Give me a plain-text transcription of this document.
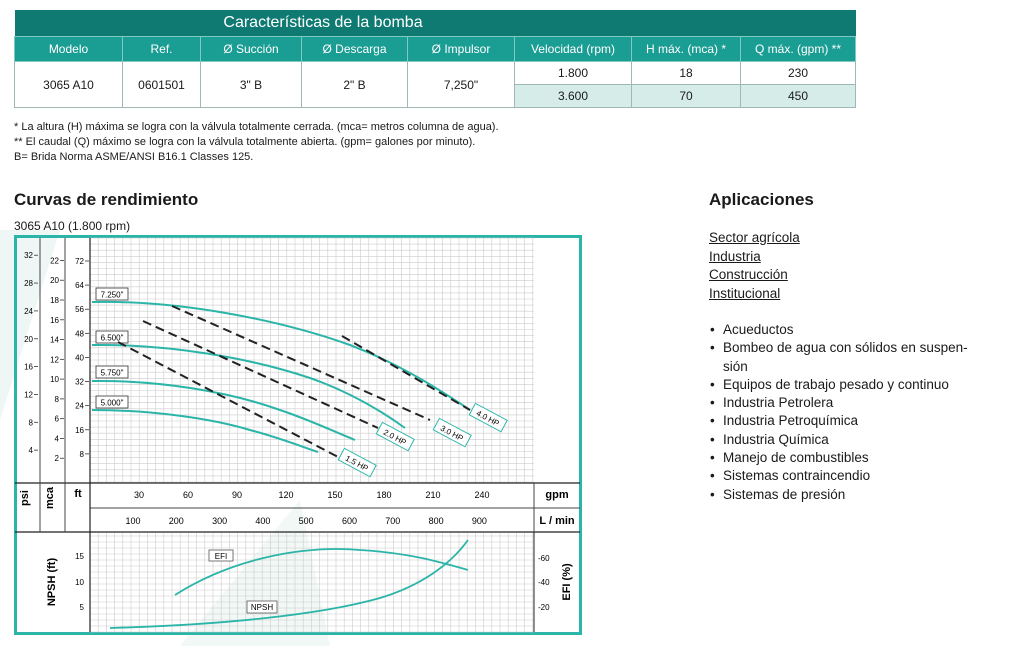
Características de la bomba							
Modelo	Ref.	Ø Succión	Ø Descarga	Ø Impulsor	Velocidad (rpm)	H máx. (mca) *	Q máx. (gpm) **
3065 A10	0601501	3" B	2" B	7,250"	1.800	18	230
					3.600	70	450
* La altura (H) máxima se logra con la válvula totalmente cerrada. (mca= metros columna de agua).
** El caudal (Q) máximo se logra con la válvula totalmente abierta. (gpm= galones por minuto).
B= Brida Norma ASME/ANSI B16.1 Classes 125.
Curvas de rendimiento
3065 A10 (1.800 rpm)
Aplicaciones
Sector agrícola
Industria
Construcción
Institucional
• Acueductos
• Bombeo de agua con sólidos en suspen-
sión
• Equipos de trabajo pesado y continuo
• Industria Petrolera
• Industria Petroquímica
• Industria Química
• Manejo de combustibles
• Sistemas contraincendio
• Sistemas de presión
psi mca ft	gpm
L / min
NPSH (ft)	EFI (%)
32
28
24
20
16
12
8
4
22
20
18
16
14
12
10
8
6
4
2
72
64
56
48
40
32
24
16
8
30	60	90	120	150	180	210	240
100	200	300	400	500	600	700	800	900
15
10
5
-60
-40
-20
7.250"
6.500"
5.750"
5.000"
4.0 HP
3.0 HP
2.0 HP
1.5 HP
EFI
NPSH
